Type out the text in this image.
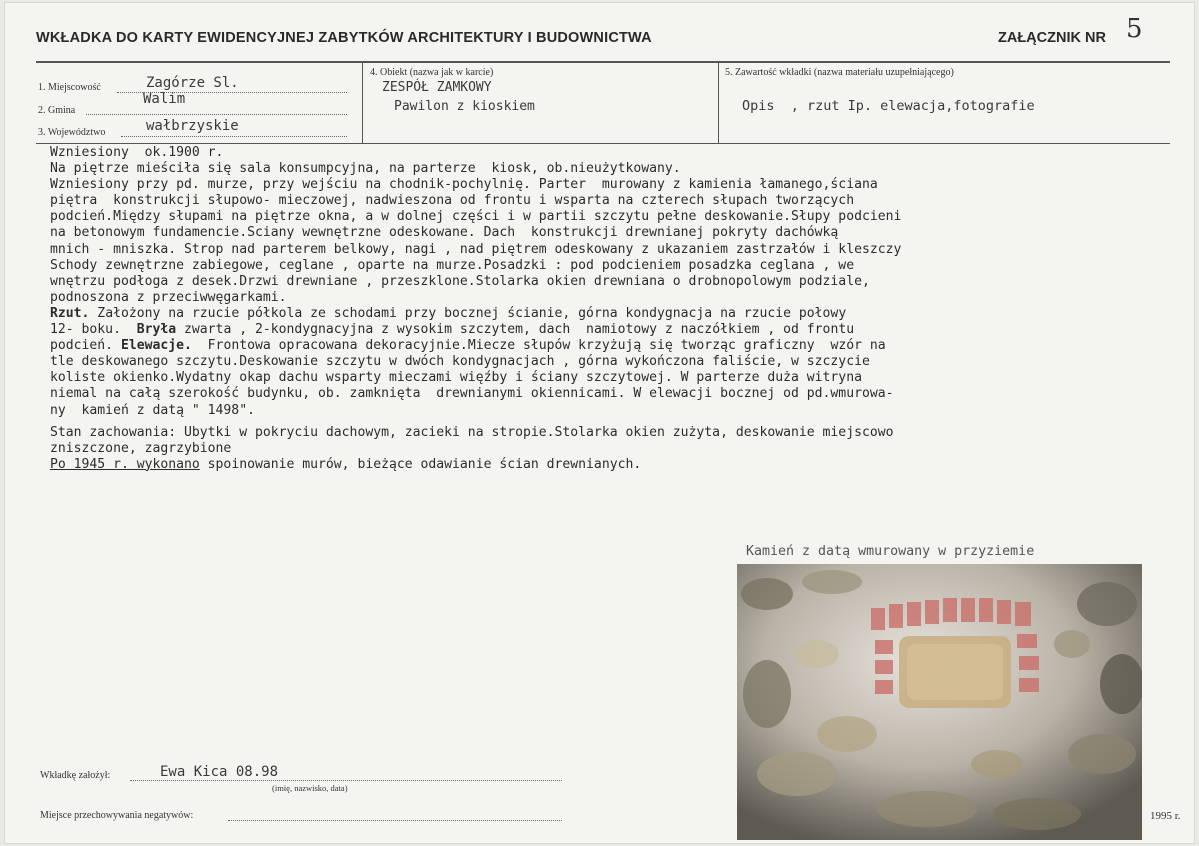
WKŁADKA DO KARTY EWIDENCYJNEJ ZABYTKÓW ARCHITEKTURY I BUDOWNICTWA	ZAŁĄCZNIK NR 5
1. Miejscowość	Zagórze Sl.
2. Gmina
Walim
3. Województwo	wałbrzyskie
4. Obiekt (nazwa jak w karcie)
ZESPÓŁ ZAMKOWY
Pawilon z kioskiem
5. Zawartość wkładki (nazwa materiału uzupełniającego)
Opis  , rzut Ip. elewacja,fotografie
Wzniesiony  ok.1900 r.
Na piętrze mieściła się sala konsumpcyjna, na parterze  kiosk, ob.nieużytkowany.
Wzniesiony przy pd. murze, przy wejściu na chodnik-pochylnię. Parter  murowany z kamienia łamanego,ściana
piętra  konstrukcji słupowo- mieczowej, nadwieszona od frontu i wsparta na czterech słupach tworzących
podcień.Między słupami na piętrze okna, a w dolnej części i w partii szczytu pełne deskowanie.Słupy podcieni
na betonowym fundamencie.Sciany wewnętrzne odeskowane. Dach  konstrukcji drewnianej pokryty dachówką
mnich - mniszka. Strop nad parterem belkowy, nagi , nad piętrem odeskowany z ukazaniem zastrzałów i kleszczy
Schody zewnętrzne zabiegowe, ceglane , oparte na murze.Posadzki : pod podcieniem posadzka ceglana , we
wnętrzu podłoga z desek.Drzwi drewniane , przeszklone.Stolarka okien drewniana o drobnopolowym podziale,
podnoszona z przeciwwęgarkami.
Rzut. Założony na rzucie półkola ze schodami przy bocznej ścianie, górna kondygnacja na rzucie połowy
12- boku.  Bryła zwarta , 2-kondygnacyjna z wysokim szczytem, dach  namiotowy z naczółkiem , od frontu
podcień. Elewacje.  Frontowa opracowana dekoracyjnie.Miecze słupów krzyżują się tworząc graficzny  wzór na
tle deskowanego szczytu.Deskowanie szczytu w dwóch kondygnacjach , górna wykończona faliście, w szczycie
koliste okienko.Wydatny okap dachu wsparty mieczami więźby i ściany szczytowej. W parterze duża witryna
niemal na całą szerokość budynku, ob. zamknięta  drewnianymi okiennicami. W elewacji bocznej od pd.wmurowa-
ny  kamień z datą " 1498".
Stan zachowania: Ubytki w pokryciu dachowym, zacieki na stropie.Stolarka okien zużyta, deskowanie miejscowo
zniszczone, zagrzybione
Po 1945 r. wykonano spoinowanie murów, bieżące odawianie ścian drewnianych.
Kamień z datą wmurowany w przyziemie
1995 r.
Wkładkę założył:	Ewa Kica 08.98
(imię, nazwisko, data)
Miejsce przechowywania negatywów:
